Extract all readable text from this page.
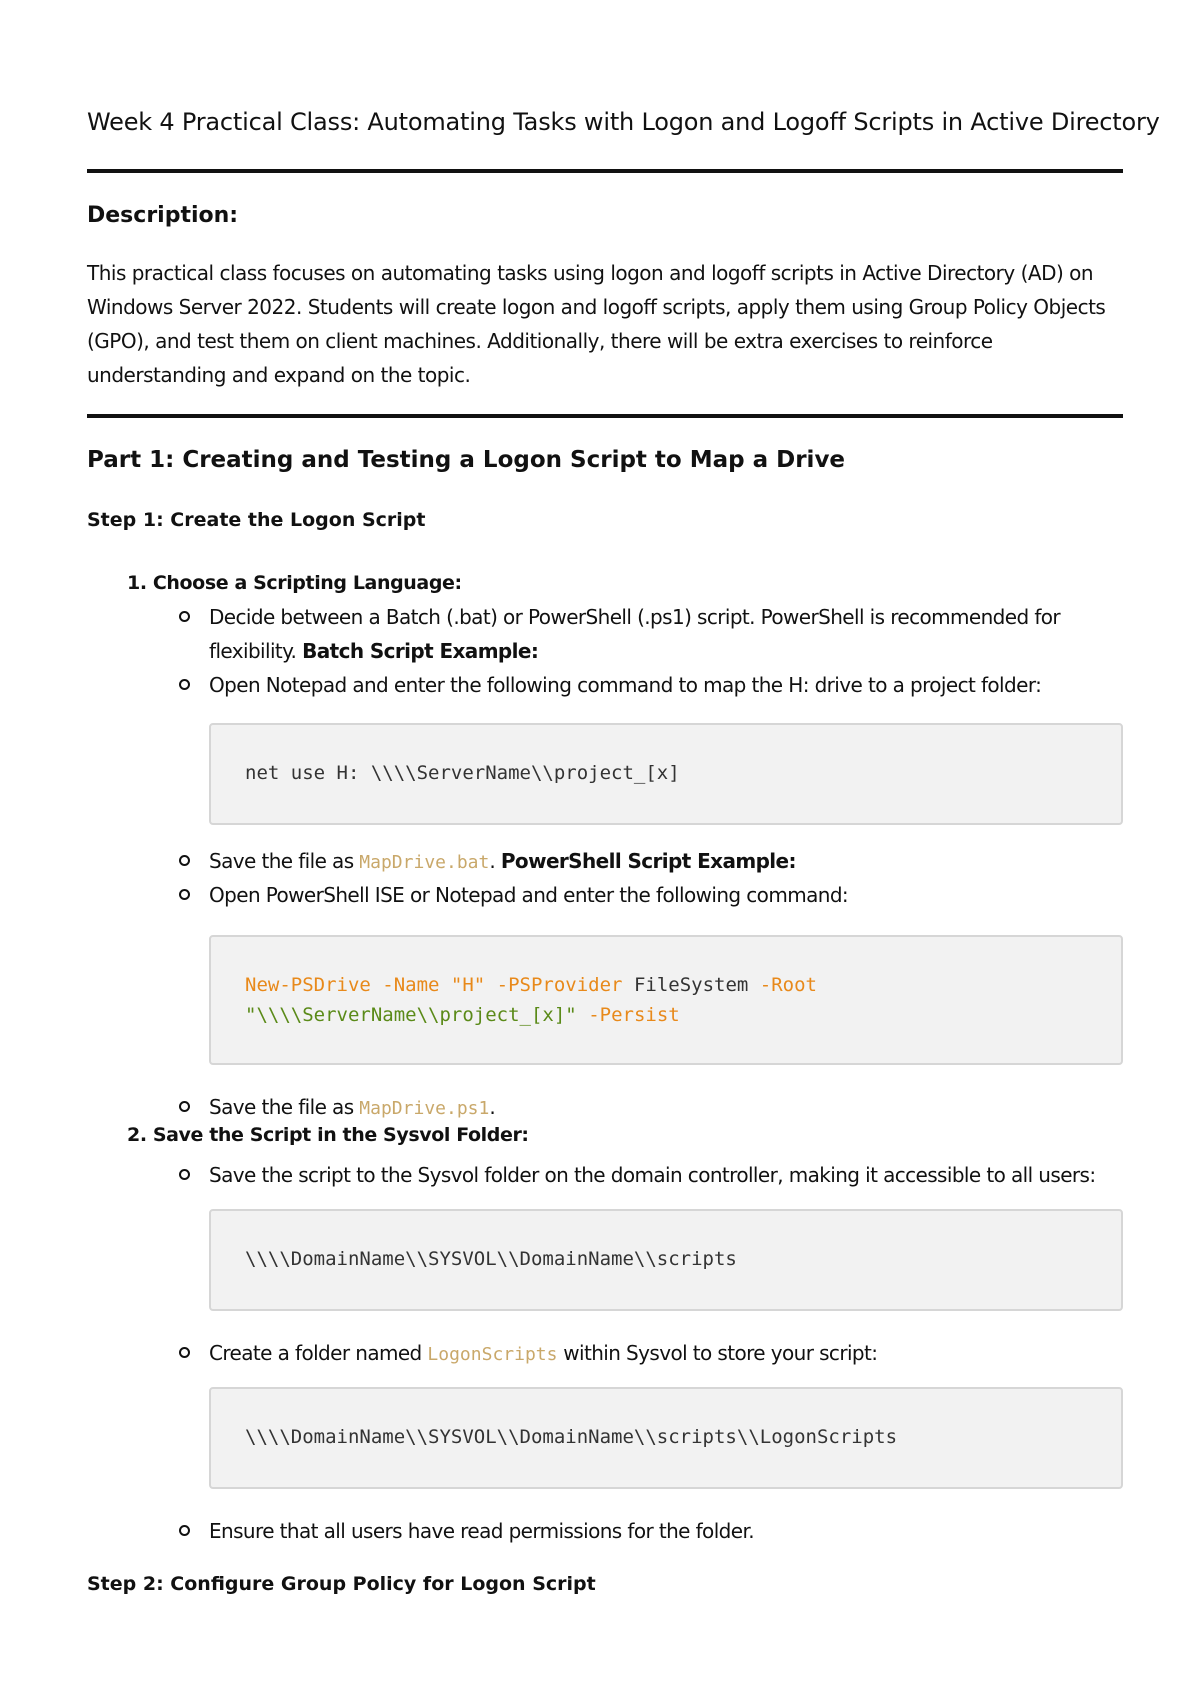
Week 4 Practical Class: Automating Tasks with Logon and Logoff Scripts in Active Directory
Description:

This practical class focuses on automating tasks using logon and logoff scripts in Active Directory (AD) on Windows Server 2022. Students will create logon and logoff scripts, apply them using Group Policy Objects (GPO), and test them on client machines. Additionally, there will be extra exercises to reinforce understanding and expand on the topic.

Part 1: Creating and Testing a Logon Script to Map a Drive
Step 1: Create the Logon Script
1. Choose a Scripting Language:
Decide between a Batch (.bat) or PowerShell (.ps1) script. PowerShell is recommended for flexibility. Batch Script Example:
Open Notepad and enter the following command to map the H: drive to a project folder:
net use H: \\\\ServerName\\project_[x]
Save the file as MapDrive.bat. PowerShell Script Example:
Open PowerShell ISE or Notepad and enter the following command:
New-PSDrive -Name "H" -PSProvider FileSystem -Root
"\\\\ServerName\\project_[x]" -Persist
Save the file as MapDrive.ps1.
2. Save the Script in the Sysvol Folder:
Save the script to the Sysvol folder on the domain controller, making it accessible to all users:
\\\\DomainName\\SYSVOL\\DomainName\\scripts
Create a folder named LogonScripts within Sysvol to store your script:
\\\\DomainName\\SYSVOL\\DomainName\\scripts\\LogonScripts
Ensure that all users have read permissions for the folder.
Step 2: Configure Group Policy for Logon Script
